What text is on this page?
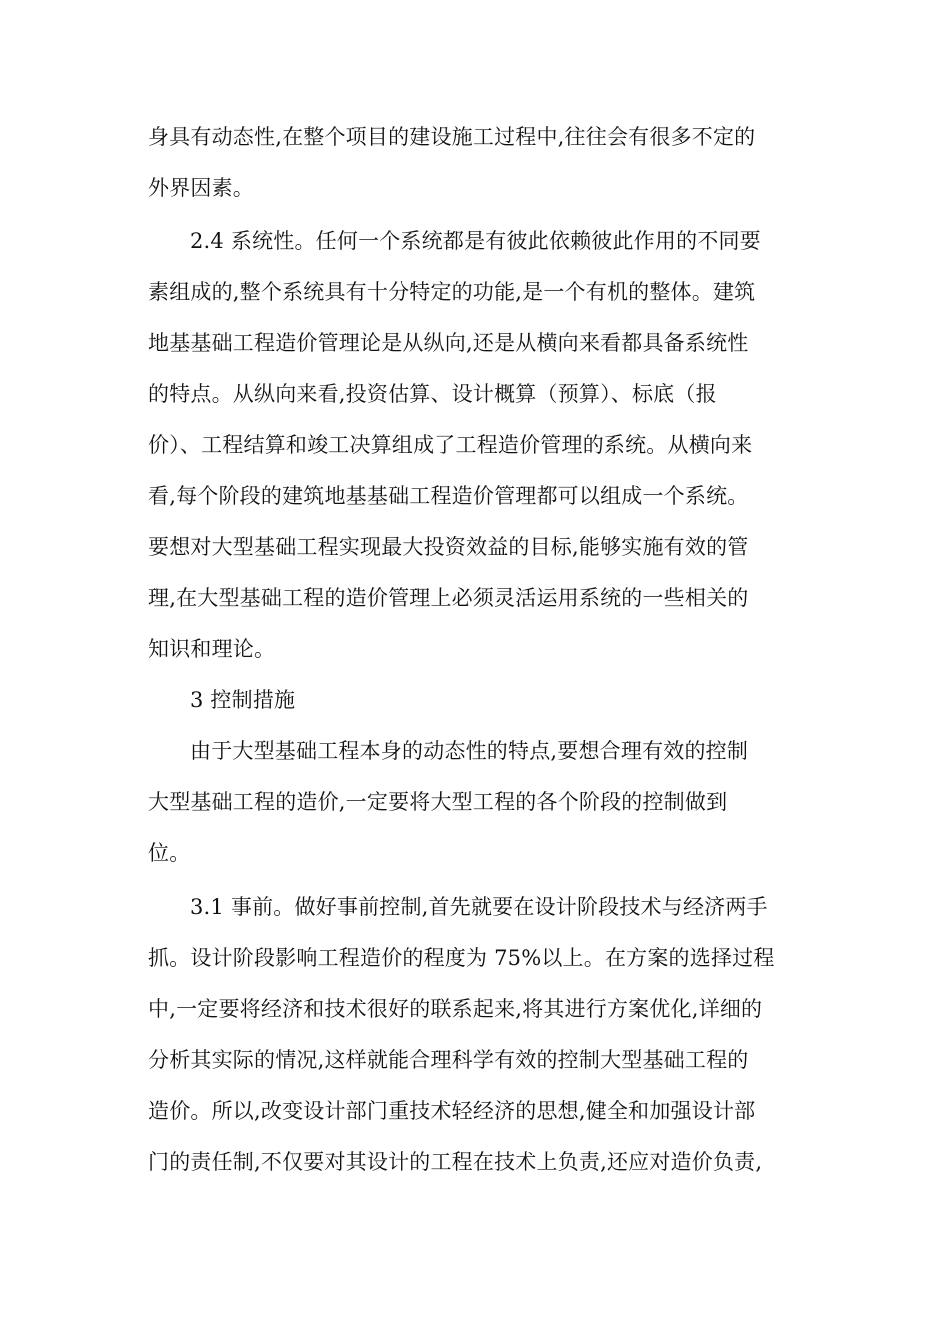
身具有动态性,在整个项目的建设施工过程中,往往会有很多不定的
外界因素。
2.4 系统性。任何一个系统都是有彼此依赖彼此作用的不同要
素组成的,整个系统具有十分特定的功能,是一个有机的整体。建筑
地基基础工程造价管理论是从纵向,还是从横向来看都具备系统性
的特点。从纵向来看,投资估算、设计概算（预算）、标底（报
价）、工程结算和竣工决算组成了工程造价管理的系统。从横向来
看,每个阶段的建筑地基基础工程造价管理都可以组成一个系统。
要想对大型基础工程实现最大投资效益的目标,能够实施有效的管
理,在大型基础工程的造价管理上必须灵活运用系统的一些相关的
知识和理论。
3 控制措施
由于大型基础工程本身的动态性的特点,要想合理有效的控制
大型基础工程的造价,一定要将大型工程的各个阶段的控制做到
位。
3.1 事前。做好事前控制,首先就要在设计阶段技术与经济两手
抓。设计阶段影响工程造价的程度为 75%以上。在方案的选择过程
中,一定要将经济和技术很好的联系起来,将其进行方案优化,详细的
分析其实际的情况,这样就能合理科学有效的控制大型基础工程的
造价。所以,改变设计部门重技术轻经济的思想,健全和加强设计部
门的责任制,不仅要对其设计的工程在技术上负责,还应对造价负责,
